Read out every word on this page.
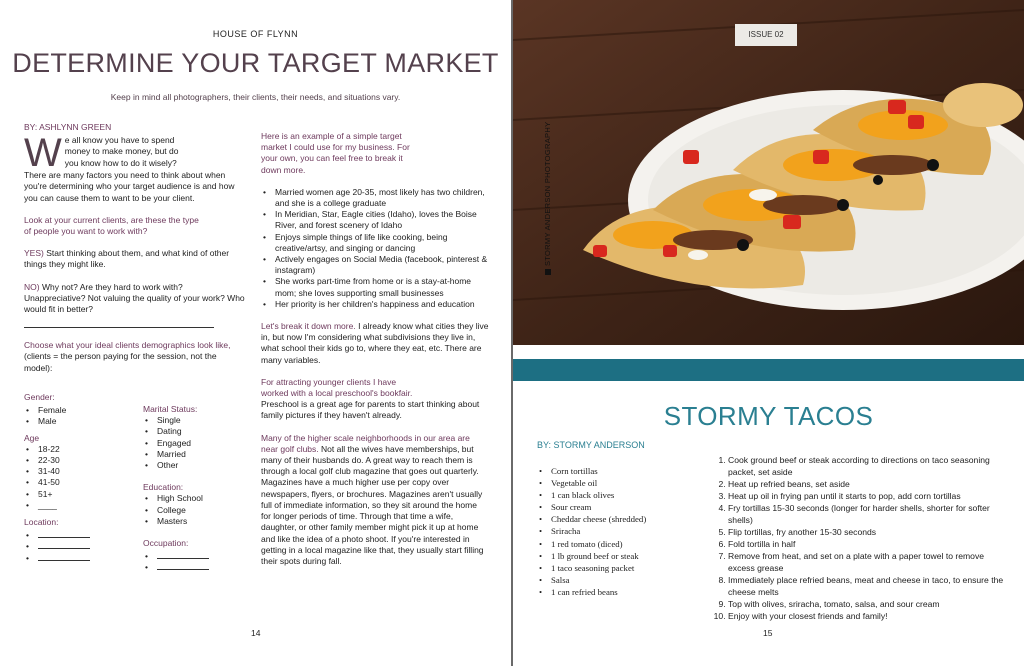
HOUSE OF FLYNN
DETERMINE YOUR TARGET MARKET
Keep in mind all photographers, their clients, their needs, and situations vary.
BY: ASHLYNN GREEN
W e all know you have to spend
money to make money, but do
you know how to do it wisely?

There are many factors you need to think about when you're determining who your target audience is and how you can cause them to want to be your client.

Look at your current clients, are these the type of people you want to work with?

YES) Start thinking about them, and what kind of other things they might like.

NO) Why not? Are they hard to work with? Unappreciative? Not valuing the quality of your work? Who would fit in better?

Choose what your ideal clients demographics look like, (clients = the person paying for the session, not the model):

Gender:
• Female
• Male
Age
• 18-22
• 22-30
• 31-40
• 41-50
• 51+
• ____
Location:
•
•
•
Marital Status:
• Single
• Dating
• Engaged
• Married
• Other
Education:
• High School
• College
• Masters
Occupation:
•
•

Here is an example of a simple target market I could use for my business. For your own, you can feel free to break it down more.

• Married women age 20-35, most likely has two children, and she is a college graduate
• In Meridian, Star, Eagle cities (Idaho), loves the Boise River, and forest scenery of Idaho
• Enjoys simple things of life like cooking, being creative/artsy, and singing or dancing
• Actively engages on Social Media (facebook, pinterest & instagram)
• She works part-time from home or is a stay-at-home mom; she loves supporting small businesses
• Her priority is her children's happiness and education

Let's break it down more. I already know what cities they live in, but now I'm considering what subdivisions they live in, what school their kids go to, where they eat, etc. There are many variables.

For attracting younger clients I have worked with a local preschool's bookfair.

Preschool is a great age for parents to start thinking about family pictures if they haven't already.

Many of the higher scale neighborhoods in our area are near golf clubs. Not all the wives have memberships, but many of their husbands do. A great way to reach them is through a local golf club magazine that goes out quarterly. Magazines have a much higher use per copy over newspapers, flyers, or brochures. Magazines aren't usually full of immediate information, so they sit around the home for longer periods of time. Through that time a wife, daughter, or other family member might pick it up at home and like the idea of a photo shoot. If you're interested in getting in a local magazine like that, they usually start filling their spots during fall.

14
ISSUE 02
STORMY ANDERSON PHOTOGRAPHY
STORMY TACOS
BY: STORMY ANDERSON
• Corn tortillas
• Vegetable oil
• 1 can black olives
• Sour cream
• Cheddar cheese (shredded)
• Sriracha
• 1 red tomato (diced)
• 1 lb ground beef or steak
• 1 taco seasoning packet
• Salsa
• 1 can refried beans
1. Cook ground beef or steak according to directions on taco seasoning packet, set aside
2. Heat up refried beans, set aside
3. Heat up oil in frying pan until it starts to pop, add corn tortillas
4. Fry tortillas 15-30 seconds (longer for harder shells, shorter for softer shells)
5. Flip tortillas, fry another 15-30 seconds
6. Fold tortilla in half
7. Remove from heat, and set on a plate with a paper towel to remove excess grease
8. Immediately place refried beans, meat and cheese in taco, to ensure the cheese melts
9. Top with olives, sriracha, tomato, salsa, and sour cream
10. Enjoy with your closest friends and family!
15
